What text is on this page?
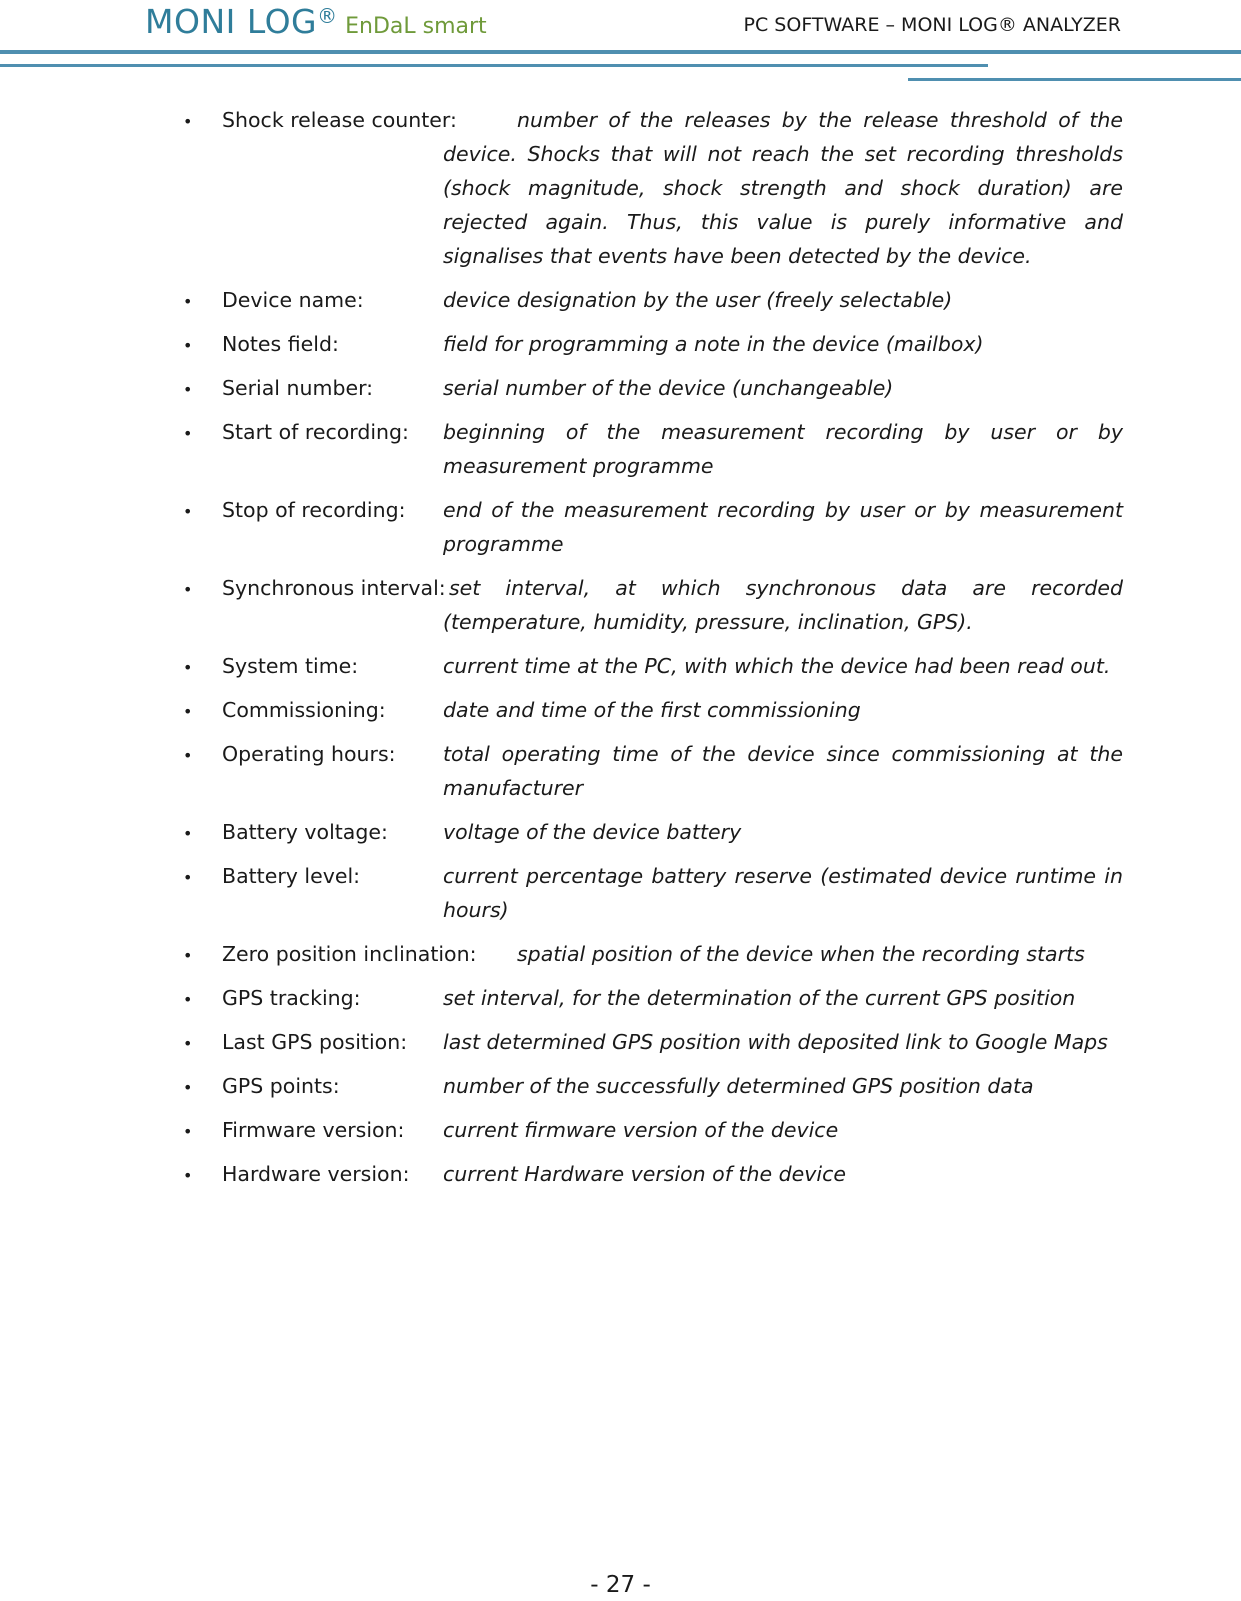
MONI LOG® EnDaL smart	PC SOFTWARE – MONI LOG® ANALYZER
• Shock release counter:	number of the releases by the release threshold of the device. Shocks that will not reach the set recording thresholds (shock magnitude, shock strength and shock duration) are rejected again. Thus, this value is purely informative and signalises that events have been detected by the device.
• Device name:	device designation by the user (freely selectable)
• Notes field:	field for programming a note in the device (mailbox)
• Serial number:	serial number of the device (unchangeable)
• Start of recording: beginning of the measurement recording by user or by measurement programme
• Stop of recording: end of the measurement recording by user or by measurement programme
• Synchronous interval: set interval, at which synchronous data are recorded (temperature, humidity, pressure, inclination, GPS).
• System time:	current time at the PC, with which the device had been read out.
• Commissioning:	date and time of the first commissioning
• Operating hours: total operating time of the device since commissioning at the manufacturer
• Battery voltage:	voltage of the device battery
• Battery level:	current percentage battery reserve (estimated device runtime in hours)
• Zero position inclination: spatial position of the device when the recording starts
• GPS tracking:	set interval, for the determination of the current GPS position
• Last GPS position: last determined GPS position with deposited link to Google Maps
• GPS points:	number of the successfully determined GPS position data
• Firmware version: current firmware version of the device
• Hardware version: current Hardware version of the device
- 27 -
